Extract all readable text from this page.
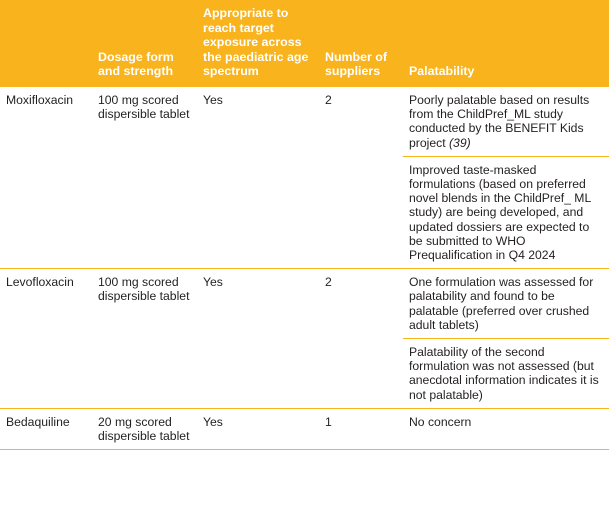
	Dosage form and strength	Appropriate to reach target exposure across the paediatric age spectrum	Number of suppliers	Palatability
Moxifloxacin	100 mg scored dispersible tablet	Yes	2	Poorly palatable based on results from the ChildPref_ML study conducted by the BENEFIT Kids project (39)
				Improved taste-masked formulations (based on preferred novel blends in the ChildPref_ ML study) are being developed, and updated dossiers are expected to be submitted to WHO Prequalification in Q4 2024
Levofloxacin	100 mg scored dispersible tablet	Yes	2	One formulation was assessed for palatability and found to be palatable (preferred over crushed adult tablets)
				Palatability of the second formulation was not assessed (but anecdotal information indicates it is not palatable)
Bedaquiline	20 mg scored dispersible tablet	Yes	1	No concern
